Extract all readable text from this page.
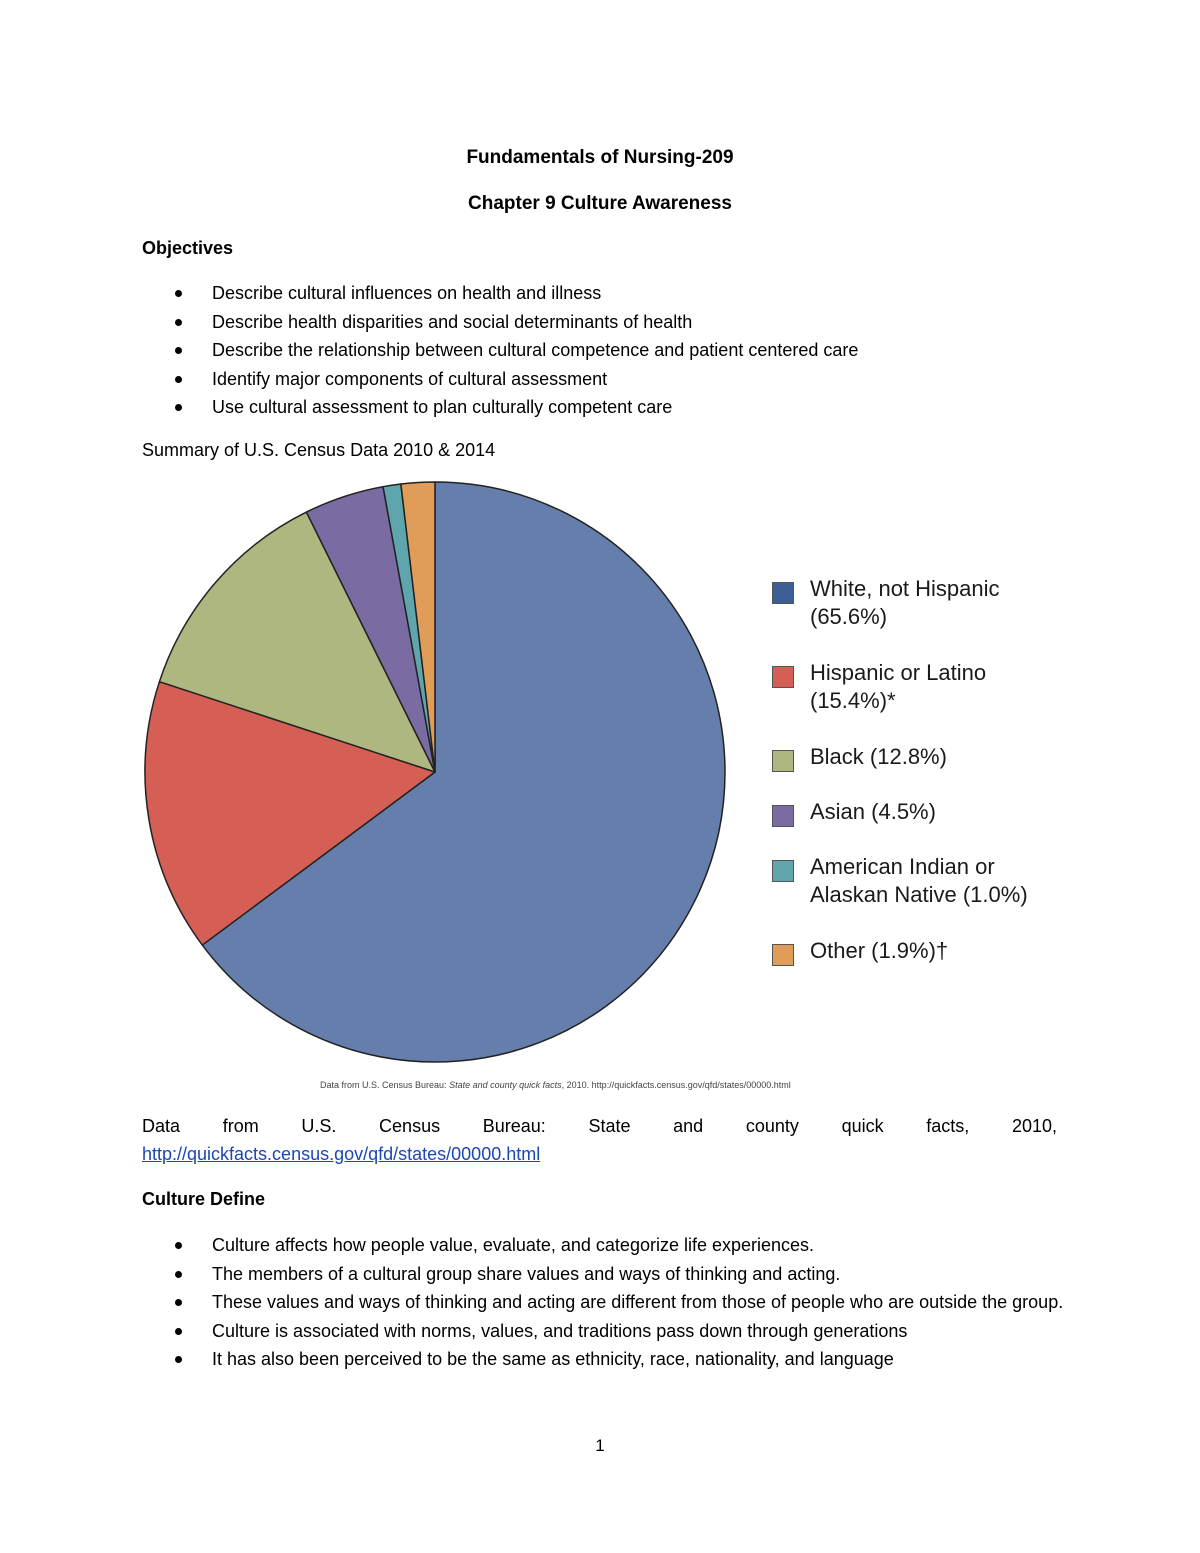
Fundamentals of Nursing-209
Chapter 9 Culture Awareness
Objectives
Describe cultural influences on health and illness
Describe health disparities and social determinants of health
Describe the relationship between cultural competence and patient centered care
Identify major components of cultural assessment
Use cultural assessment to plan culturally competent care
Summary of U.S. Census Data 2010 & 2014
White, not Hispanic
(65.6%)
Hispanic or Latino
(15.4%)*
Black (12.8%)
Asian (4.5%)
American Indian or
Alaskan Native (1.0%)
Other (1.9%)†
Data from U.S. Census Bureau: State and county quick facts, 2010. http://quickfacts.census.gov/qfd/states/00000.html
Data from U.S. Census Bureau: State and county quick facts, 2010,
http://quickfacts.census.gov/qfd/states/00000.html
Culture Define
Culture affects how people value, evaluate, and categorize life experiences.
The members of a cultural group share values and ways of thinking and acting.
These values and ways of thinking and acting are different from those of people who are outside the group.
Culture is associated with norms, values, and traditions pass down through generations
It has also been perceived to be the same as ethnicity, race, nationality, and language
1
